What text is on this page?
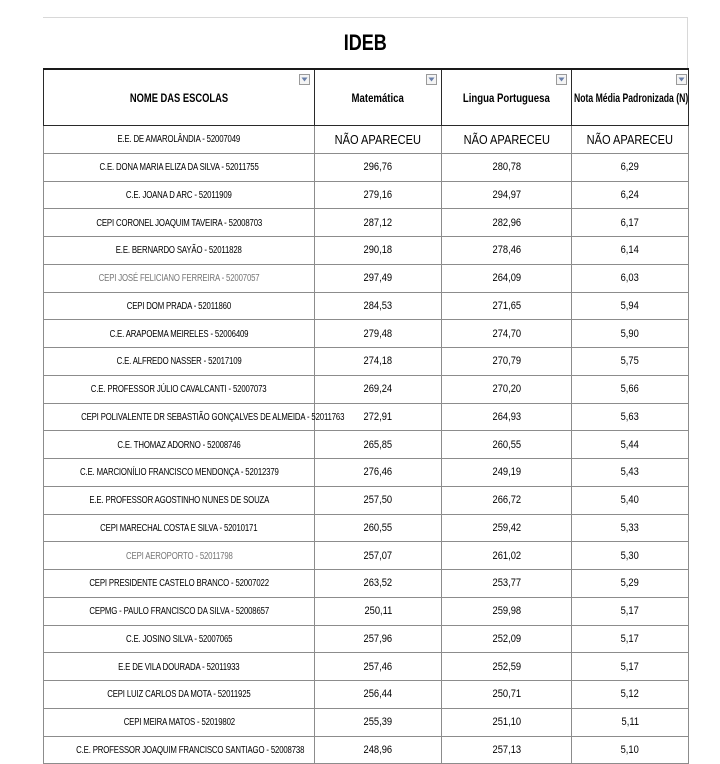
IDEB
NOME DAS ESCOLAS	Matemática	Lingua Portuguesa	Nota Média Padronizada (N)

E.E. DE AMAROLÂNDIA - 52007049	NÃO APARECEU	NÃO APARECEU	NÃO APARECEU
C.E. DONA MARIA ELIZA DA SILVA - 52011755	296,76	280,78	6,29
C.E. JOANA D ARC - 52011909	279,16	294,97	6,24
CEPI CORONEL JOAQUIM TAVEIRA - 52008703	287,12	282,96	6,17
E.E. BERNARDO SAYÃO - 52011828	290,18	278,46	6,14
CEPI JOSÉ FELICIANO FERREIRA - 52007057	297,49	264,09	6,03
CEPI DOM PRADA - 52011860	284,53	271,65	5,94
C.E. ARAPOEMA MEIRELES - 52006409	279,48	274,70	5,90
C.E. ALFREDO NASSER - 52017109	274,18	270,79	5,75
C.E. PROFESSOR JÚLIO CAVALCANTI - 52007073	269,24	270,20	5,66
CEPI POLIVALENTE DR SEBASTIÃO GONÇALVES DE ALMEIDA - 52011763	272,91	264,93	5,63
C.E. THOMAZ ADORNO - 52008746	265,85	260,55	5,44
C.E. MARCIONÍLIO FRANCISCO MENDONÇA - 52012379	276,46	249,19	5,43
E.E. PROFESSOR AGOSTINHO NUNES DE SOUZA	257,50	266,72	5,40
CEPI MARECHAL COSTA E SILVA - 52010171	260,55	259,42	5,33
CEPI AEROPORTO - 52011798	257,07	261,02	5,30
CEPI PRESIDENTE CASTELO BRANCO - 52007022	263,52	253,77	5,29
CEPMG - PAULO FRANCISCO DA SILVA - 52008657	250,11	259,98	5,17
C.E. JOSINO SILVA - 52007065	257,96	252,09	5,17
E.E DE VILA DOURADA - 52011933	257,46	252,59	5,17
CEPI LUIZ CARLOS DA MOTA - 52011925	256,44	250,71	5,12
CEPI MEIRA MATOS - 52019802	255,39	251,10	5,11
C.E. PROFESSOR JOAQUIM FRANCISCO SANTIAGO - 52008738	248,96	257,13	5,10
